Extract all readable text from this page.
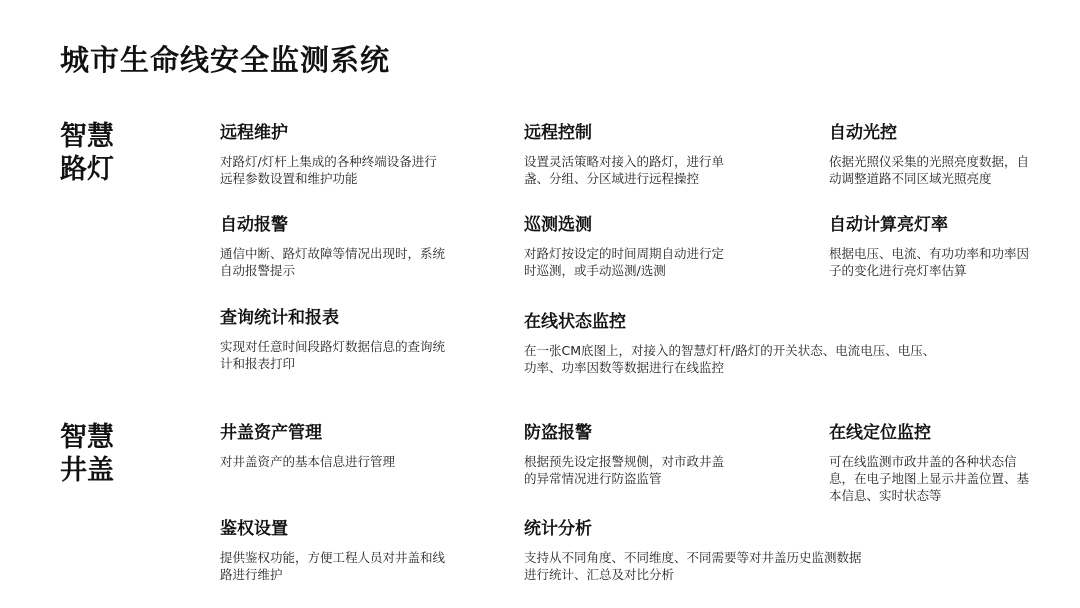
城市生命线安全监测系统
智慧
路灯
远程维护

对路灯/灯杆上集成的各种终端设备进行远程参数设置和维护功能

远程控制

设置灵活策略对接入的路灯，进行单盏、分组、分区域进行远程操控

自动光控

依据光照仪采集的光照亮度数据，自动调整道路不同区域光照亮度

自动报警

通信中断、路灯故障等情况出现时，系统自动报警提示

巡测选测

对路灯按设定的时间周期自动进行定时巡测，或手动巡测/选测

自动计算亮灯率

根据电压、电流、有功功率和功率因子的变化进行亮灯率估算

查询统计和报表

实现对任意时间段路灯数据信息的查询统计和报表打印

在线状态监控

在一张CM底图上，对接入的智慧灯杆/路灯的开关状态、电流电压、电压、功率、功率因数等数据进行在线监控

智慧
井盖
井盖资产管理

对井盖资产的基本信息进行管理

防盗报警

根据预先设定报警规侧，对市政井盖的异常情况进行防盗监管

在线定位监控

可在线监测市政井盖的各种状态信息，在电子地图上显示井盖位置、基本信息、实时状态等

鉴权设置

提供鉴权功能，方便工程人员对井盖和线路进行维护

统计分析

支持从不同角度、不同维度、不同需要等对井盖历史监测数据进行统计、汇总及对比分析
